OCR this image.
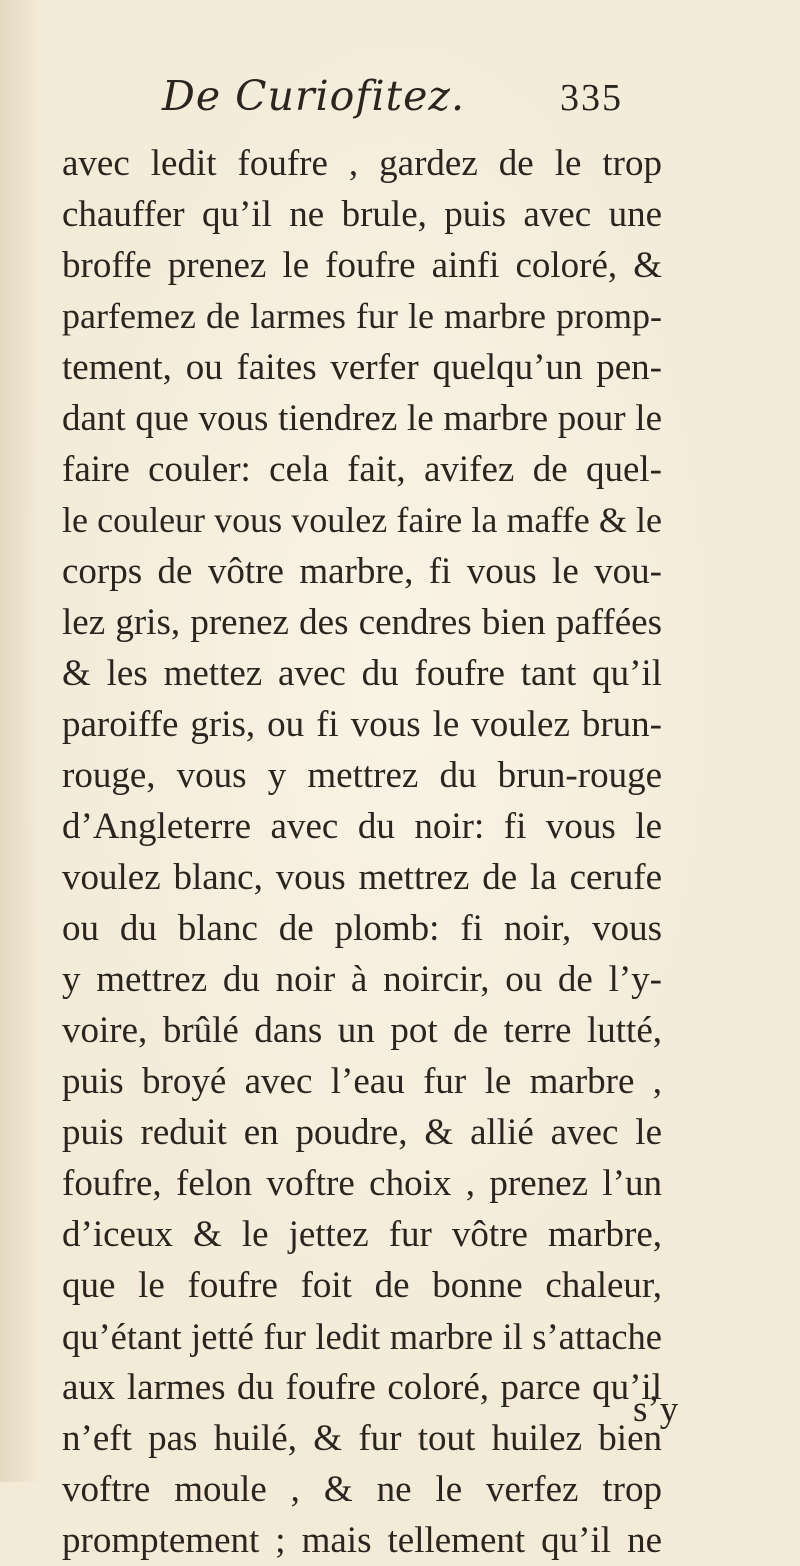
De Curiofitez. 335
avec ledit foufre , gardez de le trop
chauffer qu’il ne brule, puis avec une
broffe prenez le foufre ainfi coloré, &
parfemez de larmes fur le marbre promp-
tement, ou faites verfer quelqu’un pen-
dant que vous tiendrez le marbre pour le
faire couler: cela fait, avifez de quel-
le couleur vous voulez faire la maffe & le
corps de vôtre marbre, fi vous le vou-
lez gris, prenez des cendres bien paffées
& les mettez avec du foufre tant qu’il
paroiffe gris, ou fi vous le voulez brun-
rouge, vous y mettrez du brun-rouge
d’Angleterre avec du noir: fi vous le
voulez blanc, vous mettrez de la cerufe
ou du blanc de plomb: fi noir, vous
y mettrez du noir à noircir, ou de l’y-
voire, brûlé dans un pot de terre lutté,
puis broyé avec l’eau fur le marbre ,
puis reduit en poudre, & allié avec le
foufre, felon voftre choix , prenez l’un
d’iceux & le jettez fur vôtre marbre,
que le foufre foit de bonne chaleur,
qu’étant jetté fur ledit marbre il s’attache
aux larmes du foufre coloré, parce qu’il
n’eft pas huilé, & fur tout huilez bien
voftre moule , & ne le verfez trop
promptement ; mais tellement qu’il ne
s’y
